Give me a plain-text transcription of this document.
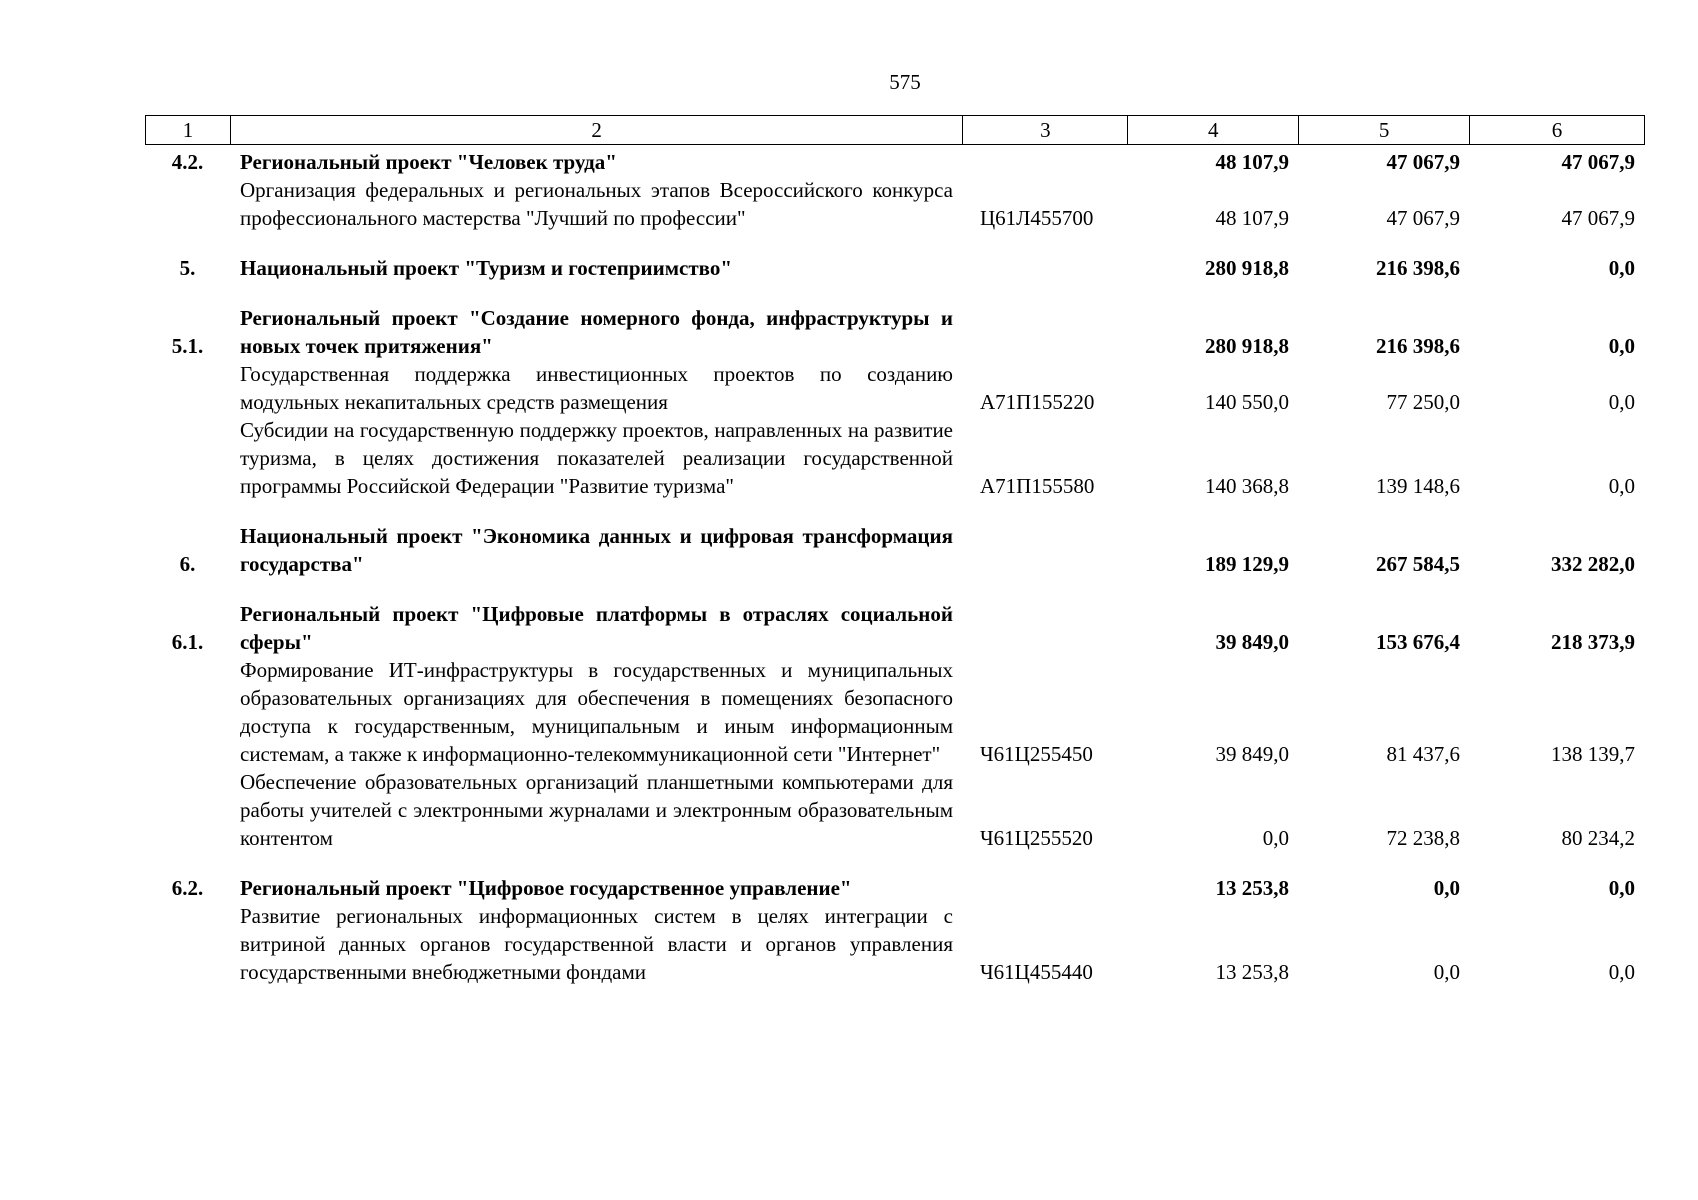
575
1	2	3	4	5	6
4.2.	Региональный проект "Человек труда"		48 107,9	47 067,9	47 067,9
	Организация федеральных и региональных этапов Всероссийского конкурса профессионального мастерства "Лучший по профессии"	Ц61Л455700	48 107,9	47 067,9	47 067,9

5.	Национальный проект "Туризм и гостеприимство"		280 918,8	216 398,6	0,0

5.1.	Региональный проект "Создание номерного фонда, инфраструктуры и новых точек притяжения"		280 918,8	216 398,6	0,0
	Государственная поддержка инвестиционных проектов по созданию модульных некапитальных средств размещения	А71П155220	140 550,0	77 250,0	0,0
	Субсидии на государственную поддержку проектов, направленных на развитие туризма, в целях достижения показателей реализации государственной программы Российской Федерации "Развитие туризма"	А71П155580	140 368,8	139 148,6	0,0

6.	Национальный проект "Экономика данных и цифровая трансформация государства"		189 129,9	267 584,5	332 282,0

6.1.	Региональный проект "Цифровые платформы в отраслях социальной сферы"		39 849,0	153 676,4	218 373,9
	Формирование ИТ-инфраструктуры в государственных и муниципальных образовательных организациях для обеспечения в помещениях безопасного доступа к государственным, муниципальным и иным информационным системам, а также к информационно-телекоммуникационной сети "Интернет"	Ч61Ц255450	39 849,0	81 437,6	138 139,7
	Обеспечение образовательных организаций планшетными компьютерами для работы учителей с электронными журналами и электронным образовательным контентом	Ч61Ц255520	0,0	72 238,8	80 234,2

6.2.	Региональный проект "Цифровое государственное управление"		13 253,8	0,0	0,0
	Развитие региональных информационных систем в целях интеграции с витриной данных органов государственной власти и органов управления государственными внебюджетными фондами	Ч61Ц455440	13 253,8	0,0	0,0
